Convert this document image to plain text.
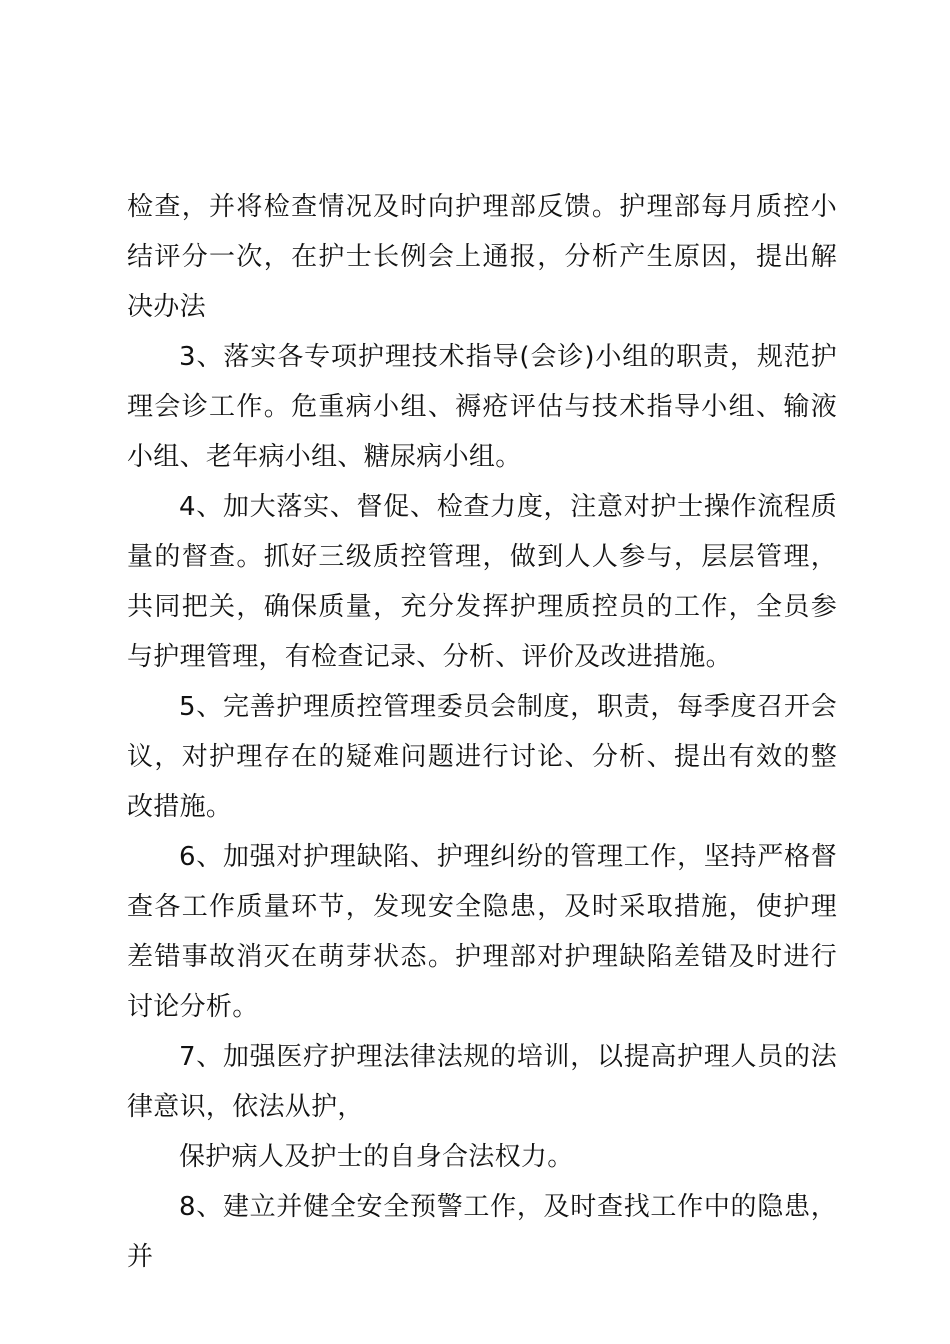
检查，并将检查情况及时向护理部反馈。护理部每月质控小结评分一次，在护士长例会上通报，分析产生原因，提出解决办法

3、落实各专项护理技术指导(会诊)小组的职责，规范护理会诊工作。危重病小组、褥疮评估与技术指导小组、输液小组、老年病小组、糖尿病小组。

4、加大落实、督促、检查力度，注意对护士操作流程质量的督查。抓好三级质控管理，做到人人参与，层层管理，共同把关，确保质量，充分发挥护理质控员的工作，全员参与护理管理，有检查记录、分析、评价及改进措施。

5、完善护理质控管理委员会制度，职责，每季度召开会议，对护理存在的疑难问题进行讨论、分析、提出有效的整改措施。

6、加强对护理缺陷、护理纠纷的管理工作，坚持严格督查各工作质量环节，发现安全隐患，及时采取措施，使护理差错事故消灭在萌芽状态。护理部对护理缺陷差错及时进行讨论分析。

7、加强医疗护理法律法规的培训，以提高护理人员的法律意识，依法从护，

保护病人及护士的自身合法权力。

8、建立并健全安全预警工作，及时查找工作中的隐患，并
